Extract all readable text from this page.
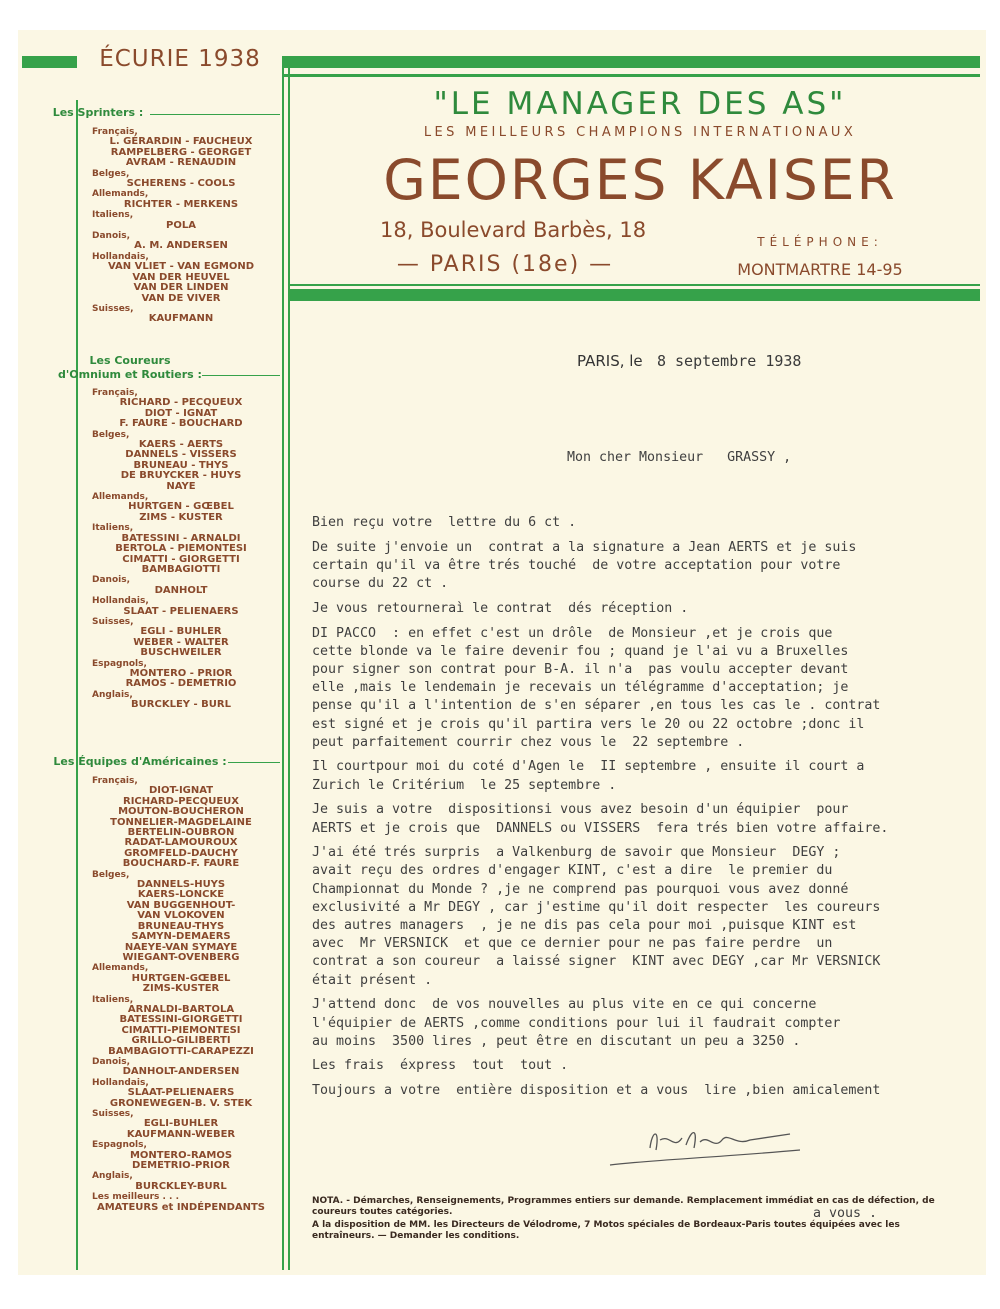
ÉCURIE 1938
Les Sprinters :
Les Coureurs
d'Omnium et Routiers :
Les Équipes d'Américaines :
Français,
L. GÉRARDIN - FAUCHEUX
RAMPELBERG - GEORGET
AVRAM - RENAUDIN
Belges,
SCHERENS - COOLS
Allemands,
RICHTER - MERKENS
Italiens,
POLA
Danois,
A. M. ANDERSEN
Hollandais,
VAN VLIET - VAN EGMOND
VAN DER HEUVEL
VAN DER LINDEN
VAN DE VIVER
Suisses,
KAUFMANN
Français,
RICHARD - PECQUEUX
DIOT - IGNAT
F. FAURE - BOUCHARD
Belges,
KAERS - AERTS
DANNELS - VISSERS
BRUNEAU - THYS
DE BRUYCKER - HUYS
NAYE
Allemands,
HURTGEN - GŒBEL
ZIMS - KUSTER
Italiens,
BATESSINI - ARNALDI
BERTOLA - PIEMONTESI
CIMATTI - GIORGETTI
BAMBAGIOTTI
Danois,
DANHOLT
Hollandais,
SLAAT - PELIENAERS
Suisses,
EGLI - BUHLER
WEBER - WALTER
BUSCHWEILER
Espagnols,
MONTERO - PRIOR
RAMOS - DEMETRIO
Anglais,
BURCKLEY - BURL
Français,
DIOT-IGNAT
RICHARD-PECQUEUX
MOUTON-BOUCHERON
TONNELIER-MAGDELAINE
BERTELIN-OUBRON
RADAT-LAMOUROUX
GROMFELD-DAUCHY
BOUCHARD-F. FAURE
Belges,
DANNELS-HUYS
KAERS-LONCKE
VAN BUGGENHOUT-
VAN VLOKOVEN
BRUNEAU-THYS
SAMYN-DEMAERS
NAEYE-VAN SYMAYE
WIEGANT-OVENBERG
Allemands,
HURTGEN-GŒBEL
ZIMS-KUSTER
Italiens,
ARNALDI-BARTOLA
BATESSINI-GIORGETTI
CIMATTI-PIEMONTESI
GRILLO-GILIBERTI
BAMBAGIOTTI-CARAPEZZI
Danois,
DANHOLT-ANDERSEN
Hollandais,
SLAAT-PELIENAERS
GRONEWEGEN-B. V. STEK
Suisses,
EGLI-BUHLER
KAUFMANN-WEBER
Espagnols,
MONTERO-RAMOS
DEMETRIO-PRIOR
Anglais,
BURCKLEY-BURL
Les meilleurs . . .
AMATEURS et INDÉPENDANTS
"LE MANAGER DES AS"
LES MEILLEURS CHAMPIONS INTERNATIONAUX
GEORGES KAISER
18, Boulevard Barbès, 18
— PARIS (18e) —
TÉLÉPHONE:
MONTMARTRE 14-95
PARIS, le 8 septembre 1938
Mon cher Monsieur   GRASSY ,
Bien reçu votre  lettre du 6 ct .
De suite j'envoie un  contrat a la signature a Jean AERTS et je suis
certain qu'il va être trés touché  de votre acceptation pour votre
course du 22 ct .
Je vous retourneraì le contrat  dés réception .
DI PACCO  : en effet c'est un drôle  de Monsieur ,et je crois que
cette blonde va le faire devenir fou ; quand je l'ai vu a Bruxelles
pour signer son contrat pour B-A. il n'a  pas voulu accepter devant
elle ,mais le lendemain je recevais un télégramme d'acceptation; je
pense qu'il a l'intention de s'en séparer ,en tous les cas le . contrat
est signé et je crois qu'il partira vers le 20 ou 22 octobre ;donc il
peut parfaitement courrir chez vous le  22 septembre .
Il courtpour moi du coté d'Agen le  II septembre , ensuite il court a
Zurich le Critérium  le 25 septembre .
Je suis a votre  dispositionsi vous avez besoin d'un équipier  pour
AERTS et je crois que  DANNELS ou VISSERS  fera trés bien votre affaire.
J'ai été trés surpris  a Valkenburg de savoir que Monsieur  DEGY ;
avait reçu des ordres d'engager KINT, c'est a dire  le premier du
Championnat du Monde ? ,je ne comprend pas pourquoi vous avez donné
exclusivité a Mr DEGY , car j'estime qu'il doit respecter  les coureurs
des autres managers  , je ne dis pas cela pour moi ,puisque KINT est
avec  Mr VERSNICK  et que ce dernier pour ne pas faire perdre  un
contrat a son coureur  a laissé signer  KINT avec DEGY ,car Mr VERSNICK
était présent .
J'attend donc  de vos nouvelles au plus vite en ce qui concerne
l'équipier de AERTS ,comme conditions pour lui il faudrait compter
au moins  3500 lires , peut être en discutant un peu a 3250 .
Les frais  éxpress  tout  tout .
Toujours a votre  entière disposition et a vous  lire ,bien amicalement
a vous .
NOTA. - Démarches, Renseignements, Programmes entiers sur demande. Remplacement immédiat en cas de défection, de coureurs toutes catégories.
A la disposition de MM. les Directeurs de Vélodrome, 7 Motos spéciales de Bordeaux-Paris toutes équipées avec les entraîneurs. — Demander les conditions.
